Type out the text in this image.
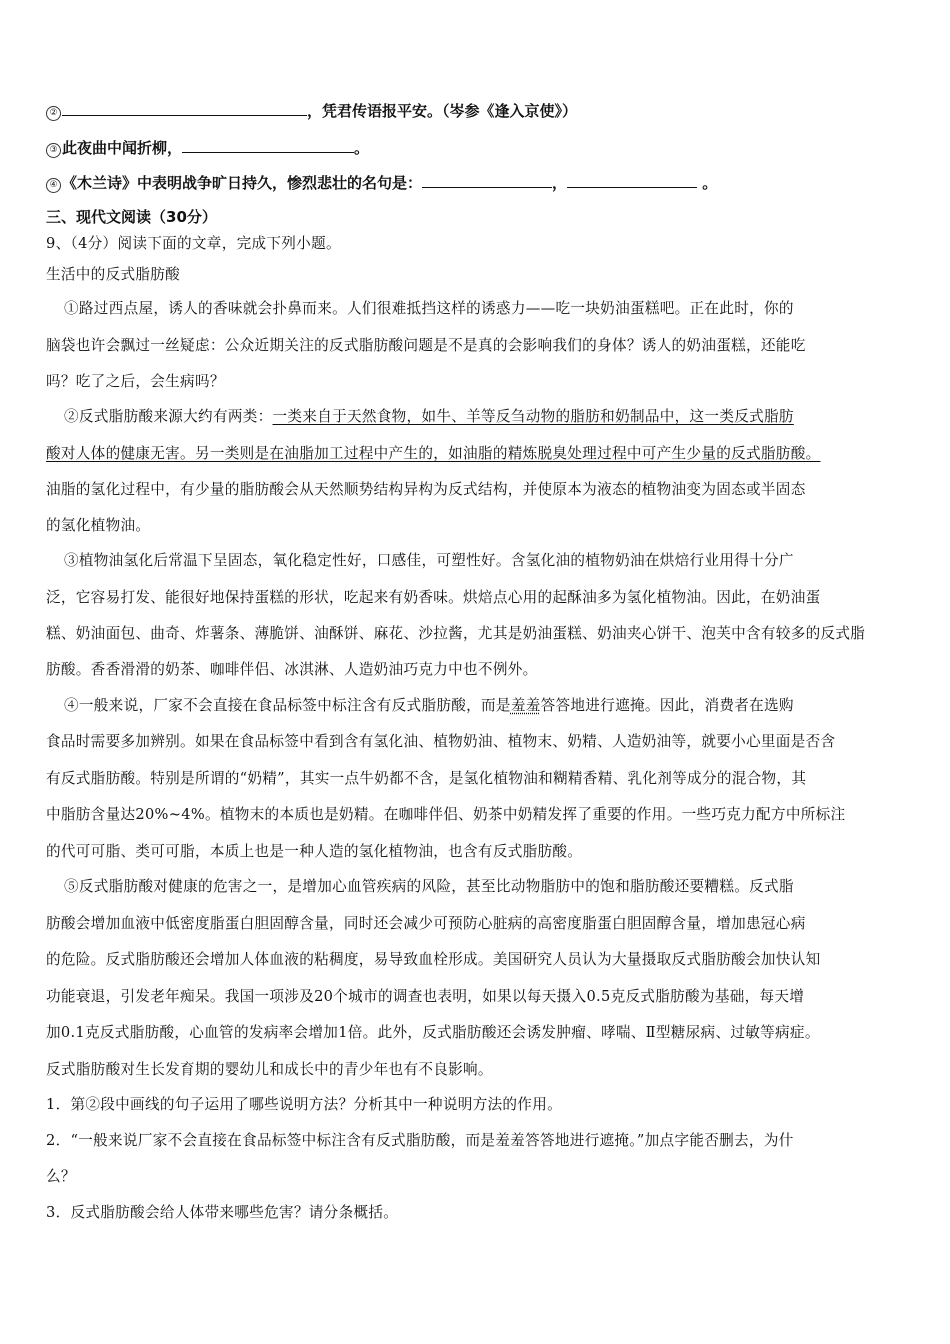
②	，凭君传语报平安。（岑参《逢入京使》）
③ 此夜曲中闻折柳，	。
④ 《木兰诗》中表明战争旷日持久，惨烈悲壮的名句是：	，	。
三、现代文阅读（30分）
9、（4分）阅读下面的文章，完成下列小题。
生活中的反式脂肪酸
①路过西点屋，诱人的香味就会扑鼻而来。人们很难抵挡这样的诱惑力——吃一块奶油蛋糕吧。正在此时，你的
脑袋也许会飘过一丝疑虑：公众近期关注的反式脂肪酸问题是不是真的会影响我们的身体？诱人的奶油蛋糕，还能吃
吗？吃了之后，会生病吗？
②反式脂肪酸来源大约有两类：一类来自于天然食物，如牛、羊等反刍动物的脂肪和奶制品中，这一类反式脂肪
酸对人体的健康无害。另一类则是在油脂加工过程中产生的，如油脂的精炼脱臭处理过程中可产生少量的反式脂肪酸。
油脂的氢化过程中，有少量的脂肪酸会从天然顺势结构异构为反式结构，并使原本为液态的植物油变为固态或半固态
的氢化植物油。
③植物油氢化后常温下呈固态，氧化稳定性好，口感佳，可塑性好。含氢化油的植物奶油在烘焙行业用得十分广
泛，它容易打发、能很好地保持蛋糕的形状，吃起来有奶香味。烘焙点心用的起酥油多为氢化植物油。因此，在奶油蛋
糕、奶油面包、曲奇、炸薯条、薄脆饼、油酥饼、麻花、沙拉酱，尤其是奶油蛋糕、奶油夹心饼干、泡芙中含有较多的反式脂
肪酸。香香滑滑的奶茶、咖啡伴侣、冰淇淋、人造奶油巧克力中也不例外。
④一般来说，厂家不会直接在食品标签中标注含有反式脂肪酸，而是羞羞答答地进行遮掩。因此，消费者在选购
食品时需要多加辨别。如果在食品标签中看到含有氢化油、植物奶油、植物末、奶精、人造奶油等，就要小心里面是否含
有反式脂肪酸。特别是所谓的“奶精”，其实一点牛奶都不含，是氢化植物油和糊精香精、乳化剂等成分的混合物，其
中脂肪含量达20%~4%。植物末的本质也是奶精。在咖啡伴侣、奶茶中奶精发挥了重要的作用。一些巧克力配方中所标注
的代可可脂、类可可脂，本质上也是一种人造的氢化植物油，也含有反式脂肪酸。
⑤反式脂肪酸对健康的危害之一，是增加心血管疾病的风险，甚至比动物脂肪中的饱和脂肪酸还要糟糕。反式脂
肪酸会增加血液中低密度脂蛋白胆固醇含量，同时还会减少可预防心脏病的高密度脂蛋白胆固醇含量，增加患冠心病
的危险。反式脂肪酸还会增加人体血液的粘稠度，易导致血栓形成。美国研究人员认为大量摄取反式脂肪酸会加快认知
功能衰退，引发老年痴呆。我国一项涉及20个城市的调查也表明，如果以每天摄入0.5克反式脂肪酸为基础，每天增
加0.1克反式脂肪酸，心血管的发病率会增加1倍。此外，反式脂肪酸还会诱发肿瘤、哮喘、Ⅱ型糖尿病、过敏等病症。
反式脂肪酸对生长发育期的婴幼儿和成长中的青少年也有不良影响。
1．第②段中画线的句子运用了哪些说明方法？分析其中一种说明方法的作用。
2．“一般来说厂家不会直接在食品标签中标注含有反式脂肪酸，而是羞羞答答地进行遮掩。”加点字能否删去，为什
么？
3．反式脂肪酸会给人体带来哪些危害？请分条概括。
